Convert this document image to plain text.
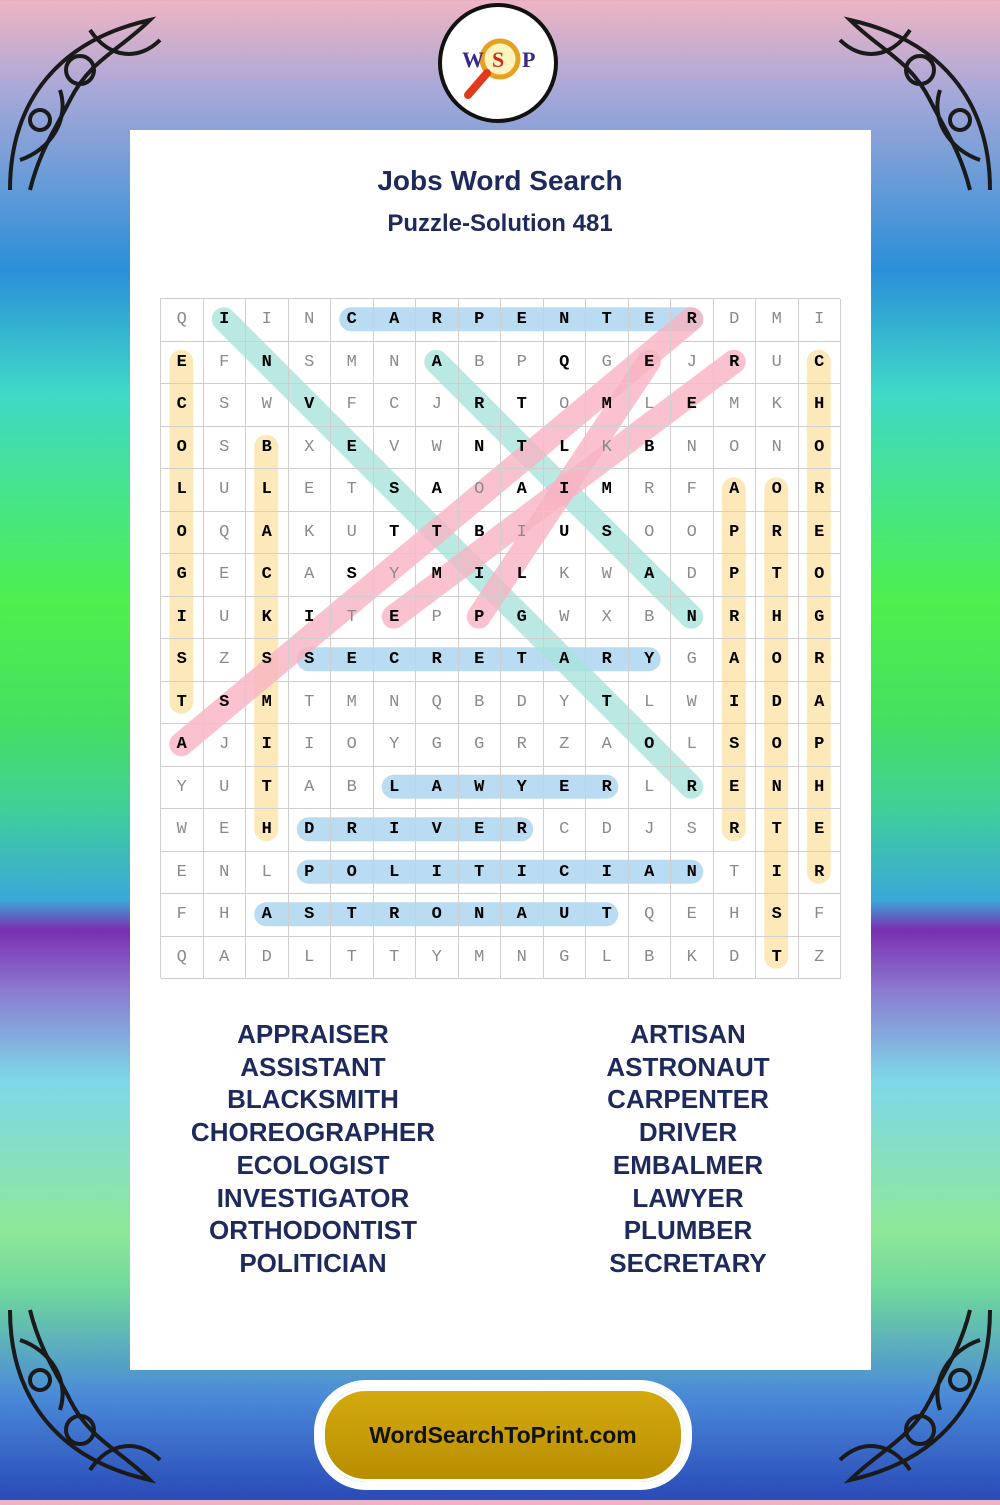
W S P
Jobs Word Search
Puzzle-Solution 481
Q	I	I	N	C	A	R	P	E	N	T	E	R	D	M	I
E	F	N	S	M	N	A	B	P	Q	G	E	J	R	U	C
C	S	W	V	F	C	J	R	T	O	M	L	E	M	K	H
O	S	B	X	E	V	W	N	T	L	K	B	N	O	N	O
L	U	L	E	T	S	A	O	A	I	M	R	F	A	O	R
O	Q	A	K	U	T	T	B	I	U	S	O	O	P	R	E
G	E	C	A	S	Y	M	I	L	K	W	A	D	P	T	O
I	U	K	I	T	E	P	P	G	W	X	B	N	R	H	G
S	Z	S	S	E	C	R	E	T	A	R	Y	G	A	O	R
T	S	M	T	M	N	Q	B	D	Y	T	L	W	I	D	A
A	J	I	I	O	Y	G	G	R	Z	A	O	L	S	O	P
Y	U	T	A	B	L	A	W	Y	E	R	L	R	E	N	H
W	E	H	D	R	I	V	E	R	C	D	J	S	R	T	E
E	N	L	P	O	L	I	T	I	C	I	A	N	T	I	R
F	H	A	S	T	R	O	N	A	U	T	Q	E	H	S	F
Q	A	D	L	T	T	Y	M	N	G	L	B	K	D	T	Z
APPRAISER
ASSISTANT
BLACKSMITH
CHOREOGRAPHER
ECOLOGIST
INVESTIGATOR
ORTHODONTIST
POLITICIAN
ARTISAN
ASTRONAUT
CARPENTER
DRIVER
EMBALMER
LAWYER
PLUMBER
SECRETARY
WordSearchToPrint.com
